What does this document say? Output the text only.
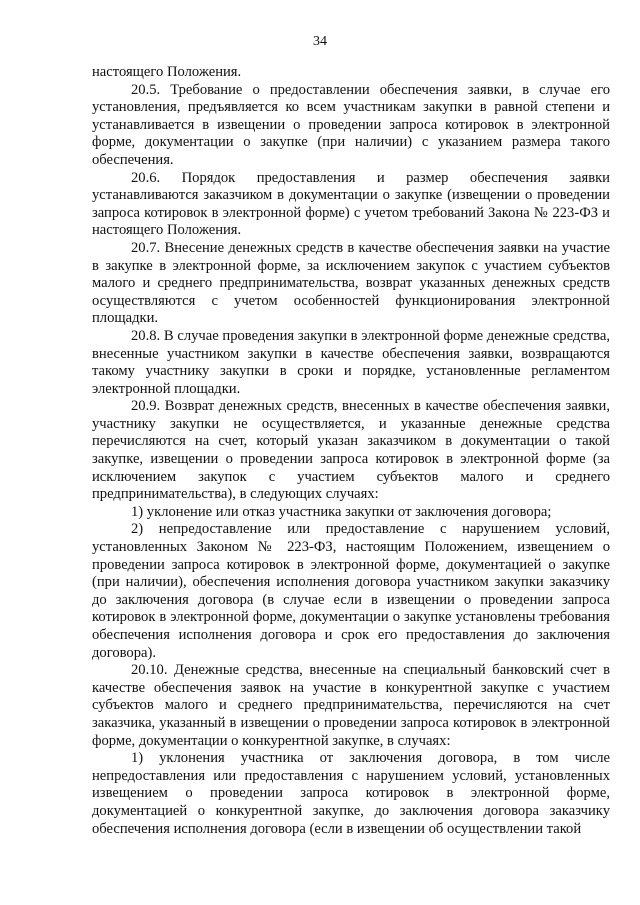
34

настоящего Положения.

20.5. Требование о предоставлении обеспечения заявки, в случае его установления, предъявляется ко всем участникам закупки в равной степени и устанавливается в извещении о проведении запроса котировок в электронной форме, документации о закупке (при наличии) с указанием размера такого обеспечения.

20.6. Порядок предоставления и размер обеспечения заявки устанавливаются заказчиком в документации о закупке (извещении о проведении запроса котировок в электронной форме) с учетом требований Закона № 223-ФЗ и настоящего Положения.

20.7. Внесение денежных средств в качестве обеспечения заявки на участие в закупке в электронной форме, за исключением закупок с участием субъектов малого и среднего предпринимательства, возврат указанных денежных средств осуществляются с учетом особенностей функционирования электронной площадки.

20.8. В случае проведения закупки в электронной форме денежные средства, внесенные участником закупки в качестве обеспечения заявки, возвращаются такому участнику закупки в сроки и порядке, установленные регламентом электронной площадки.

20.9. Возврат денежных средств, внесенных в качестве обеспечения заявки, участнику закупки не осуществляется, и указанные денежные средства перечисляются на счет, который указан заказчиком в документации о такой закупке, извещении о проведении запроса котировок в электронной форме (за исключением закупок с участием субъектов малого и среднего предпринимательства), в следующих случаях:

1) уклонение или отказ участника закупки от заключения договора;

2) непредоставление или предоставление с нарушением условий, установленных Законом № 223-ФЗ, настоящим Положением, извещением о проведении запроса котировок в электронной форме, документацией о закупке (при наличии), обеспечения исполнения договора участником закупки заказчику до заключения договора (в случае если в извещении о проведении запроса котировок в электронной форме, документации о закупке установлены требования обеспечения исполнения договора и срок его предоставления до заключения договора).

20.10. Денежные средства, внесенные на специальный банковский счет в качестве обеспечения заявок на участие в конкурентной закупке с участием субъектов малого и среднего предпринимательства, перечисляются на счет заказчика, указанный в извещении о проведении запроса котировок в электронной форме, документации о конкурентной закупке, в случаях:

1) уклонения участника от заключения договора, в том числе непредоставления или предоставления с нарушением условий, установленных извещением о проведении запроса котировок в электронной форме, документацией о конкурентной закупке, до заключения договора заказчику обеспечения исполнения договора (если в извещении об осуществлении такой
